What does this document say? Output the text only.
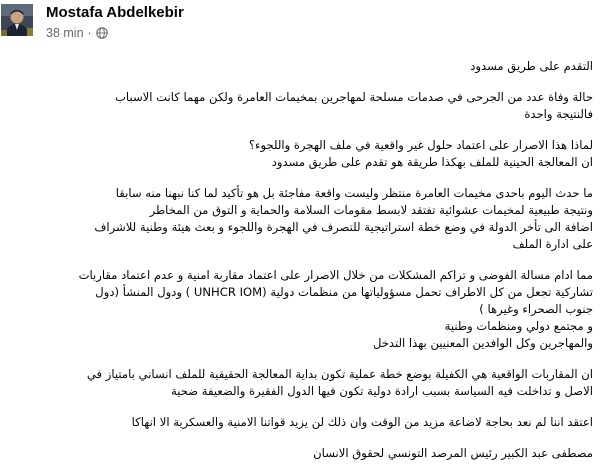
Mostafa Abdelkebir
38 min ·
التقدم على طريق مسدود
حالة وفاة عدد من الجرحى في صدمات مسلحة لمهاجرين بمخيمات العامرة ولكن مهما كانت الاسباب
فالنتيجة واحدة
لماذا هذا الاصرار على اعتماد حلول غير واقعية في ملف الهجرة واللجوء؟
ان المعالجة الحينية للملف بهكذا طريقة هو تقدم على طريق مسدود
ما حدث اليوم باحدى مخيمات العامرة منتظر وليست واقعة مفاجئة بل هو تأكيد لما كنا نبهنا منه سابقا
ونتيجة طبيعية لمخيمات عشوائية تفتقد لابسط مقومات السلامة والحماية و التوق من المخاطر
اضافة الى تأخر الدولة في وضع خطة استراتيجية للتصرف في الهجرة واللجوء و بعث هيئة وطنية للاشراف
على ادارة الملف
مما ادام مسالة الفوضى و تراكم المشكلات من خلال الاصرار على اعتماد مقاربة امنية و عدم اعتماد مقاربات
تشاركية تجعل من كل الاطراف تحمل مسؤولياتها من منظمات دولية (UNHCR IOM ) ودول المنشأ (دول
جنوب الصحراء وغيرها )
و مجتمع دولي ومنظمات وطنية
والمهاجرين وكل الوافدين المعنيين بهذا التدخل
ان المقاربات الواقعية هي الكفيلة بوضع خطة عملية تكون بداية المعالجة الحقيقية للملف انساني بامتياز في
الاصل و تداخلت فيه السياسة بسبب ارادة دولية تكون فيها الدول الفقيرة والضعيفة ضحية
اعتقد اننا لم نعد بحاجة لاضاعة مزيد من الوقت وان ذلك لن يزيد قواتنا الامنية والعسكرية الا انهاكا
مصطفى عبد الكبير رئيس المرصد التونسي لحقوق الانسان
